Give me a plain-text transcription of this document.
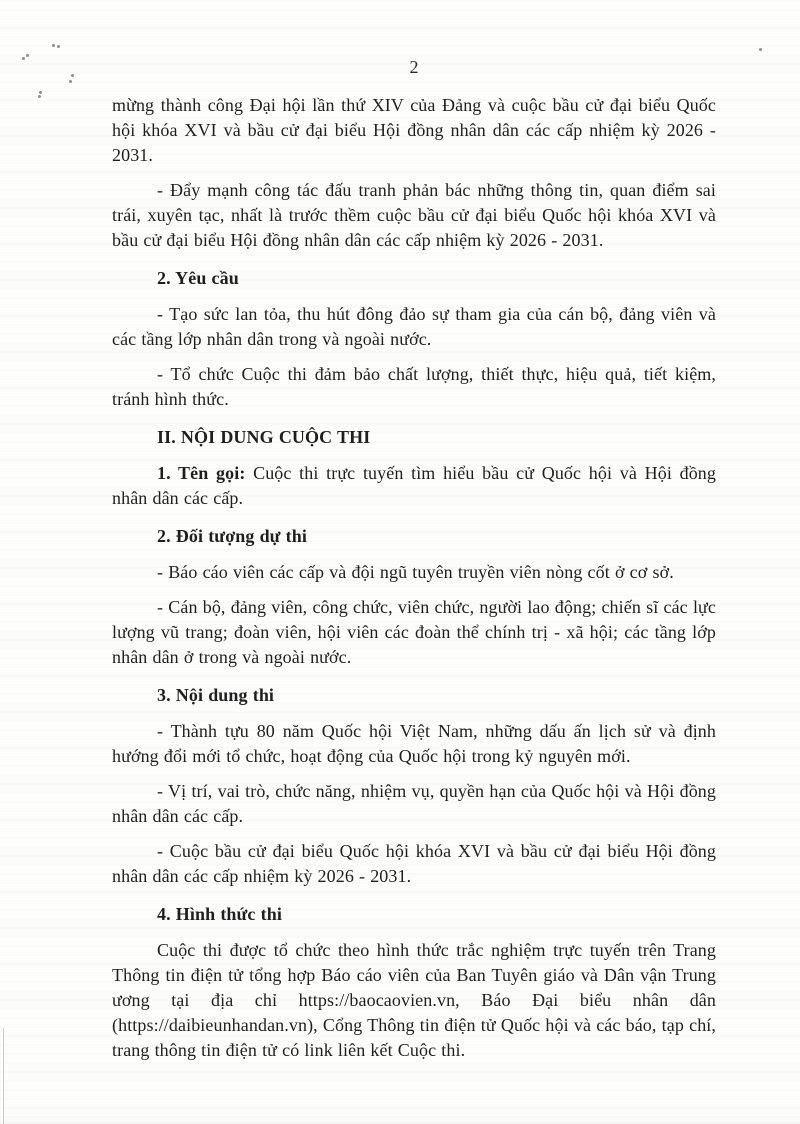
2

mừng thành công Đại hội lần thứ XIV của Đảng và cuộc bầu cử đại biểu Quốc hội khóa XVI và bầu cử đại biểu Hội đồng nhân dân các cấp nhiệm kỳ 2026 - 2031.

- Đẩy mạnh công tác đấu tranh phản bác những thông tin, quan điểm sai trái, xuyên tạc, nhất là trước thềm cuộc bầu cử đại biểu Quốc hội khóa XVI và bầu cử đại biểu Hội đồng nhân dân các cấp nhiệm kỳ 2026 - 2031.

2. Yêu cầu

- Tạo sức lan tỏa, thu hút đông đảo sự tham gia của cán bộ, đảng viên và các tầng lớp nhân dân trong và ngoài nước.

- Tổ chức Cuộc thi đảm bảo chất lượng, thiết thực, hiệu quả, tiết kiệm, tránh hình thức.

II. NỘI DUNG CUỘC THI

1. Tên gọi: Cuộc thi trực tuyến tìm hiểu bầu cử Quốc hội và Hội đồng nhân dân các cấp.

2. Đối tượng dự thi

- Báo cáo viên các cấp và đội ngũ tuyên truyền viên nòng cốt ở cơ sở.

- Cán bộ, đảng viên, công chức, viên chức, người lao động; chiến sĩ các lực lượng vũ trang; đoàn viên, hội viên các đoàn thể chính trị - xã hội; các tầng lớp nhân dân ở trong và ngoài nước.

3. Nội dung thi

- Thành tựu 80 năm Quốc hội Việt Nam, những dấu ấn lịch sử và định hướng đổi mới tổ chức, hoạt động của Quốc hội trong kỷ nguyên mới.

- Vị trí, vai trò, chức năng, nhiệm vụ, quyền hạn của Quốc hội và Hội đồng nhân dân các cấp.

- Cuộc bầu cử đại biểu Quốc hội khóa XVI và bầu cử đại biểu Hội đồng nhân dân các cấp nhiệm kỳ 2026 - 2031.

4. Hình thức thi

Cuộc thi được tổ chức theo hình thức trắc nghiệm trực tuyến trên Trang Thông tin điện tử tổng hợp Báo cáo viên của Ban Tuyên giáo và Dân vận Trung ương tại địa chỉ https://baocaovien.vn, Báo Đại biểu nhân dân (https://daibieunhandan.vn), Cổng Thông tin điện tử Quốc hội và các báo, tạp chí, trang thông tin điện tử có link liên kết Cuộc thi.
